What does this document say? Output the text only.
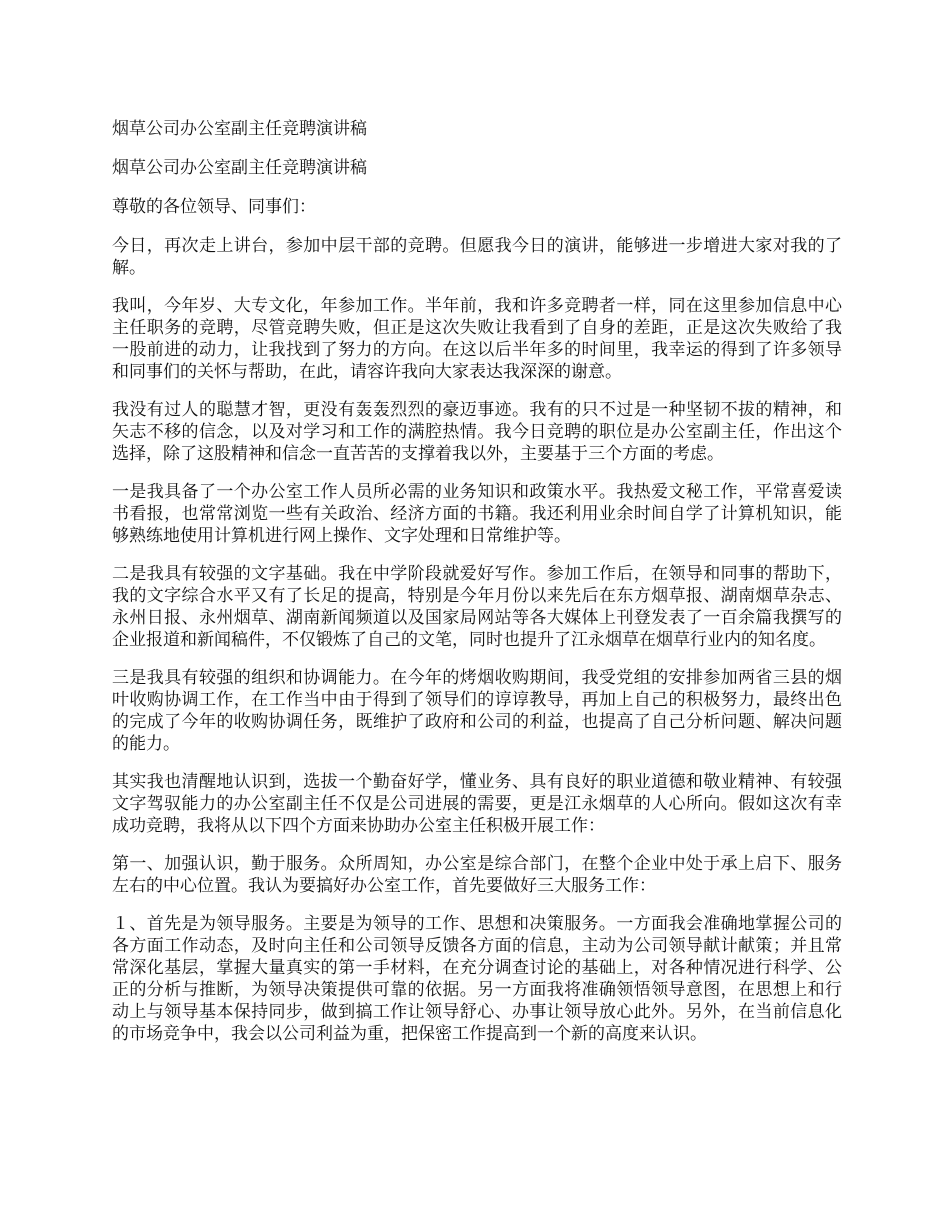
烟草公司办公室副主任竞聘演讲稿

烟草公司办公室副主任竞聘演讲稿

尊敬的各位领导、同事们：

今日，再次走上讲台，参加中层干部的竞聘。但愿我今日的演讲，能够进一步增进大家对我的了解。

我叫，今年岁、大专文化，年参加工作。半年前，我和许多竞聘者一样，同在这里参加信息中心主任职务的竞聘，尽管竞聘失败，但正是这次失败让我看到了自身的差距，正是这次失败给了我一股前进的动力，让我找到了努力的方向。在这以后半年多的时间里，我幸运的得到了许多领导和同事们的关怀与帮助，在此，请容许我向大家表达我深深的谢意。

我没有过人的聪慧才智，更没有轰轰烈烈的豪迈事迹。我有的只不过是一种坚韧不拔的精神，和矢志不移的信念，以及对学习和工作的满腔热情。我今日竞聘的职位是办公室副主任，作出这个选择，除了这股精神和信念一直苦苦的支撑着我以外，主要基于三个方面的考虑。

一是我具备了一个办公室工作人员所必需的业务知识和政策水平。我热爱文秘工作，平常喜爱读书看报，也常常浏览一些有关政治、经济方面的书籍。我还利用业余时间自学了计算机知识，能够熟练地使用计算机进行网上操作、文字处理和日常维护等。

二是我具有较强的文字基础。我在中学阶段就爱好写作。参加工作后，在领导和同事的帮助下，我的文字综合水平又有了长足的提高，特别是今年月份以来先后在东方烟草报、湖南烟草杂志、永州日报、永州烟草、湖南新闻频道以及国家局网站等各大媒体上刊登发表了一百余篇我撰写的企业报道和新闻稿件，不仅锻炼了自己的文笔，同时也提升了江永烟草在烟草行业内的知名度。

三是我具有较强的组织和协调能力。在今年的烤烟收购期间，我受党组的安排参加两省三县的烟叶收购协调工作，在工作当中由于得到了领导们的谆谆教导，再加上自己的积极努力，最终出色的完成了今年的收购协调任务，既维护了政府和公司的利益，也提高了自己分析问题、解决问题的能力。

其实我也清醒地认识到，选拔一个勤奋好学，懂业务、具有良好的职业道德和敬业精神、有较强文字驾驭能力的办公室副主任不仅是公司进展的需要，更是江永烟草的人心所向。假如这次有幸成功竞聘，我将从以下四个方面来协助办公室主任积极开展工作：

第一、加强认识，勤于服务。众所周知，办公室是综合部门，在整个企业中处于承上启下、服务左右的中心位置。我认为要搞好办公室工作，首先要做好三大服务工作：

１、首先是为领导服务。主要是为领导的工作、思想和决策服务。一方面我会准确地掌握公司的各方面工作动态，及时向主任和公司领导反馈各方面的信息，主动为公司领导献计献策；并且常常深化基层，掌握大量真实的第一手材料，在充分调查讨论的基础上，对各种情况进行科学、公正的分析与推断，为领导决策提供可靠的依据。另一方面我将准确领悟领导意图，在思想上和行动上与领导基本保持同步，做到搞工作让领导舒心、办事让领导放心此外。另外，在当前信息化的市场竞争中，我会以公司利益为重，把保密工作提高到一个新的高度来认识。
